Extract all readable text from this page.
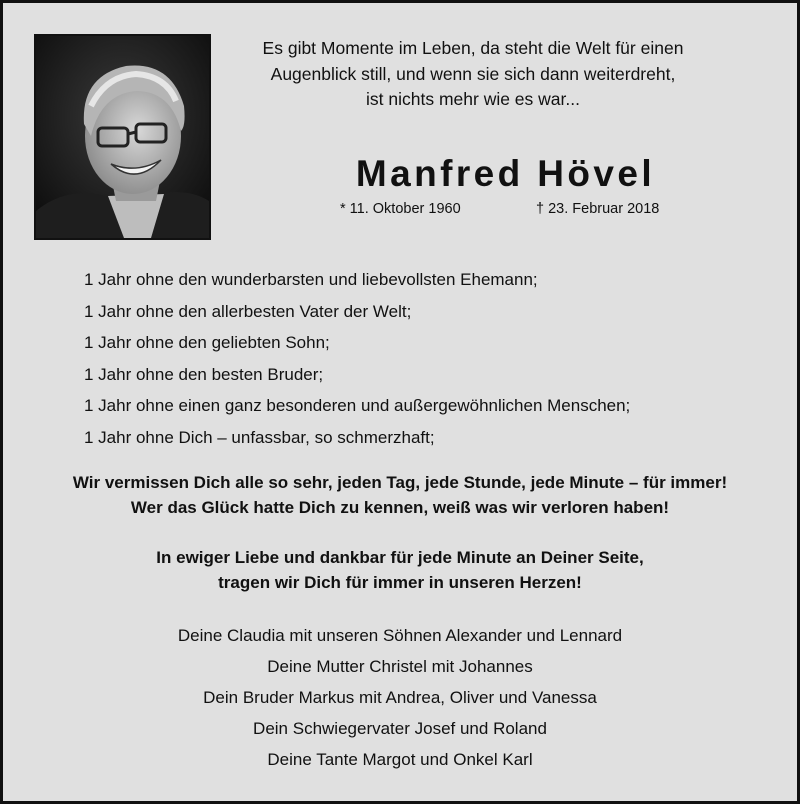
Es gibt Momente im Leben, da steht die Welt für einen
Augenblick still, und wenn sie sich dann weiterdreht,
ist nichts mehr wie es war...
Manfred Hövel
* 11. Oktober 1960	† 23. Februar 2018
1 Jahr ohne den wunderbarsten und liebevollsten Ehemann;
1 Jahr ohne den allerbesten Vater der Welt;
1 Jahr ohne den geliebten Sohn;
1 Jahr ohne den besten Bruder;
1 Jahr ohne einen ganz besonderen und außergewöhnlichen Menschen;
1 Jahr ohne Dich – unfassbar, so schmerzhaft;
Wir vermissen Dich alle so sehr, jeden Tag, jede Stunde, jede Minute – für immer!
Wer das Glück hatte Dich zu kennen, weiß was wir verloren haben!
In ewiger Liebe und dankbar für jede Minute an Deiner Seite,
tragen wir Dich für immer in unseren Herzen!
Deine Claudia mit unseren Söhnen Alexander und Lennard
Deine Mutter Christel mit Johannes
Dein Bruder Markus mit Andrea, Oliver und Vanessa
Dein Schwiegervater Josef und Roland
Deine Tante Margot und Onkel Karl
